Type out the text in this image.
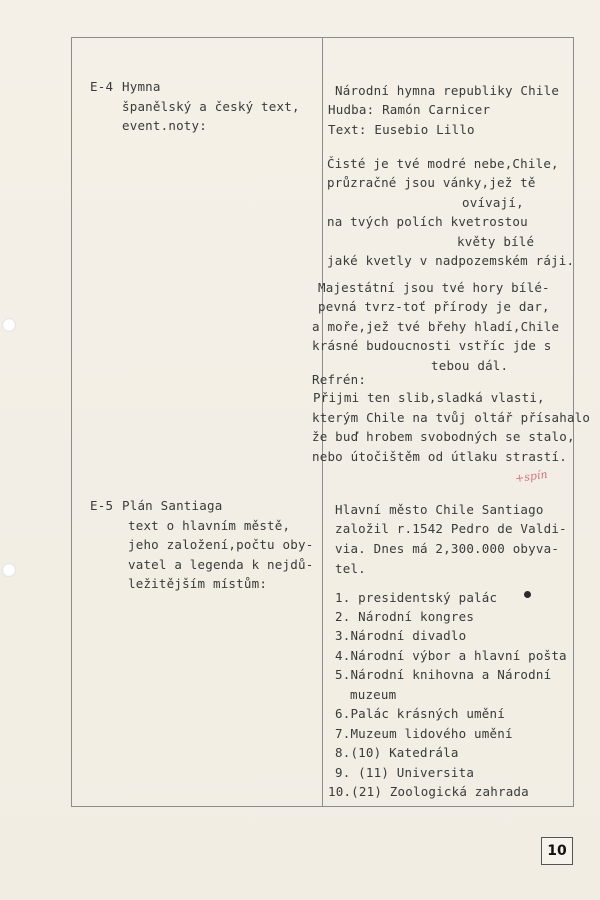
E-4 Hymna
španělský a český text,
event.noty:
Národní hymna republiky Chile
Hudba: Ramón Carnicer
Text: Eusebio Lillo
Čisté je tvé modré nebe,Chile,
průzračné jsou vánky,jež tě
ovívají,
na tvých polích kvetrostou
květy bílé
jaké kvetly v nadpozemském ráji.
Majestátní jsou tvé hory bílé-
pevná tvrz-toť přírody je dar,
a moře,jež tvé břehy hladí,Chile
krásné budoucnosti vstříc jde s
tebou dál.
Refrén:
Přijmi ten slib,sladká vlasti,
kterým Chile na tvůj oltář přísahalo
že buď hrobem svobodných se stalo,
nebo útočištěm od útlaku strastí.
+spín
E-5 Plán Santiaga
text o hlavním městě,
jeho založení,počtu oby-
vatel a legenda k nejdů-
ležitějším místům:
Hlavní město Chile Santiago
založil r.1542 Pedro de Valdi-
via. Dnes má 2,300.000 obyva-
tel.
1. presidentský palác
2. Národní kongres
3.Národní divadlo
4.Národní výbor a hlavní pošta
5.Národní knihovna a Národní
muzeum
6.Palác krásných umění
7.Muzeum lidového umění
8.(10) Katedrála
9. (11) Universita
10.(21) Zoologická zahrada
10
